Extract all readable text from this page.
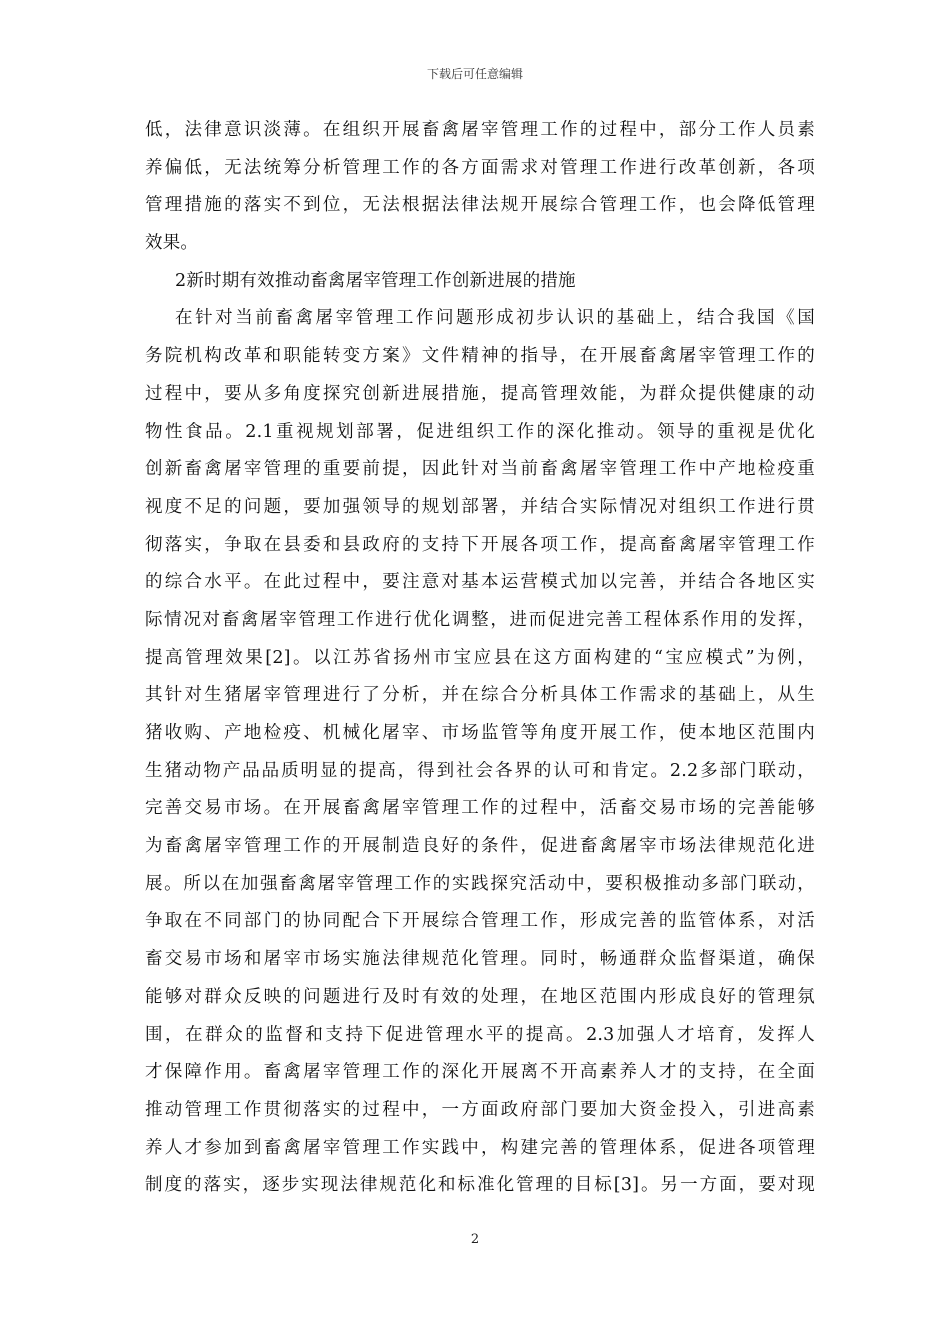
下载后可任意编辑
低，法律意识淡薄。在组织开展畜禽屠宰管理工作的过程中，部分工作人员素
养偏低，无法统筹分析管理工作的各方面需求对管理工作进行改革创新，各项
管理措施的落实不到位，无法根据法律法规开展综合管理工作，也会降低管理
效果。
2新时期有效推动畜禽屠宰管理工作创新进展的措施
在针对当前畜禽屠宰管理工作问题形成初步认识的基础上，结合我国《国
务院机构改革和职能转变方案》文件精神的指导，在开展畜禽屠宰管理工作的
过程中，要从多角度探究创新进展措施，提高管理效能，为群众提供健康的动
物性食品。2.1重视规划部署，促进组织工作的深化推动。领导的重视是优化
创新畜禽屠宰管理的重要前提，因此针对当前畜禽屠宰管理工作中产地检疫重
视度不足的问题，要加强领导的规划部署，并结合实际情况对组织工作进行贯
彻落实，争取在县委和县政府的支持下开展各项工作，提高畜禽屠宰管理工作
的综合水平。在此过程中，要注意对基本运营模式加以完善，并结合各地区实
际情况对畜禽屠宰管理工作进行优化调整，进而促进完善工程体系作用的发挥，
提高管理效果[2]。以江苏省扬州市宝应县在这方面构建的“宝应模式”为例，
其针对生猪屠宰管理进行了分析，并在综合分析具体工作需求的基础上，从生
猪收购、产地检疫、机械化屠宰、市场监管等角度开展工作，使本地区范围内
生猪动物产品品质明显的提高，得到社会各界的认可和肯定。2.2多部门联动，
完善交易市场。在开展畜禽屠宰管理工作的过程中，活畜交易市场的完善能够
为畜禽屠宰管理工作的开展制造良好的条件，促进畜禽屠宰市场法律规范化进
展。所以在加强畜禽屠宰管理工作的实践探究活动中，要积极推动多部门联动，
争取在不同部门的协同配合下开展综合管理工作，形成完善的监管体系，对活
畜交易市场和屠宰市场实施法律规范化管理。同时，畅通群众监督渠道，确保
能够对群众反映的问题进行及时有效的处理，在地区范围内形成良好的管理氛
围，在群众的监督和支持下促进管理水平的提高。2.3加强人才培育，发挥人
才保障作用。畜禽屠宰管理工作的深化开展离不开高素养人才的支持，在全面
推动管理工作贯彻落实的过程中，一方面政府部门要加大资金投入，引进高素
养人才参加到畜禽屠宰管理工作实践中，构建完善的管理体系，促进各项管理
制度的落实，逐步实现法律规范化和标准化管理的目标[3]。另一方面，要对现
2
